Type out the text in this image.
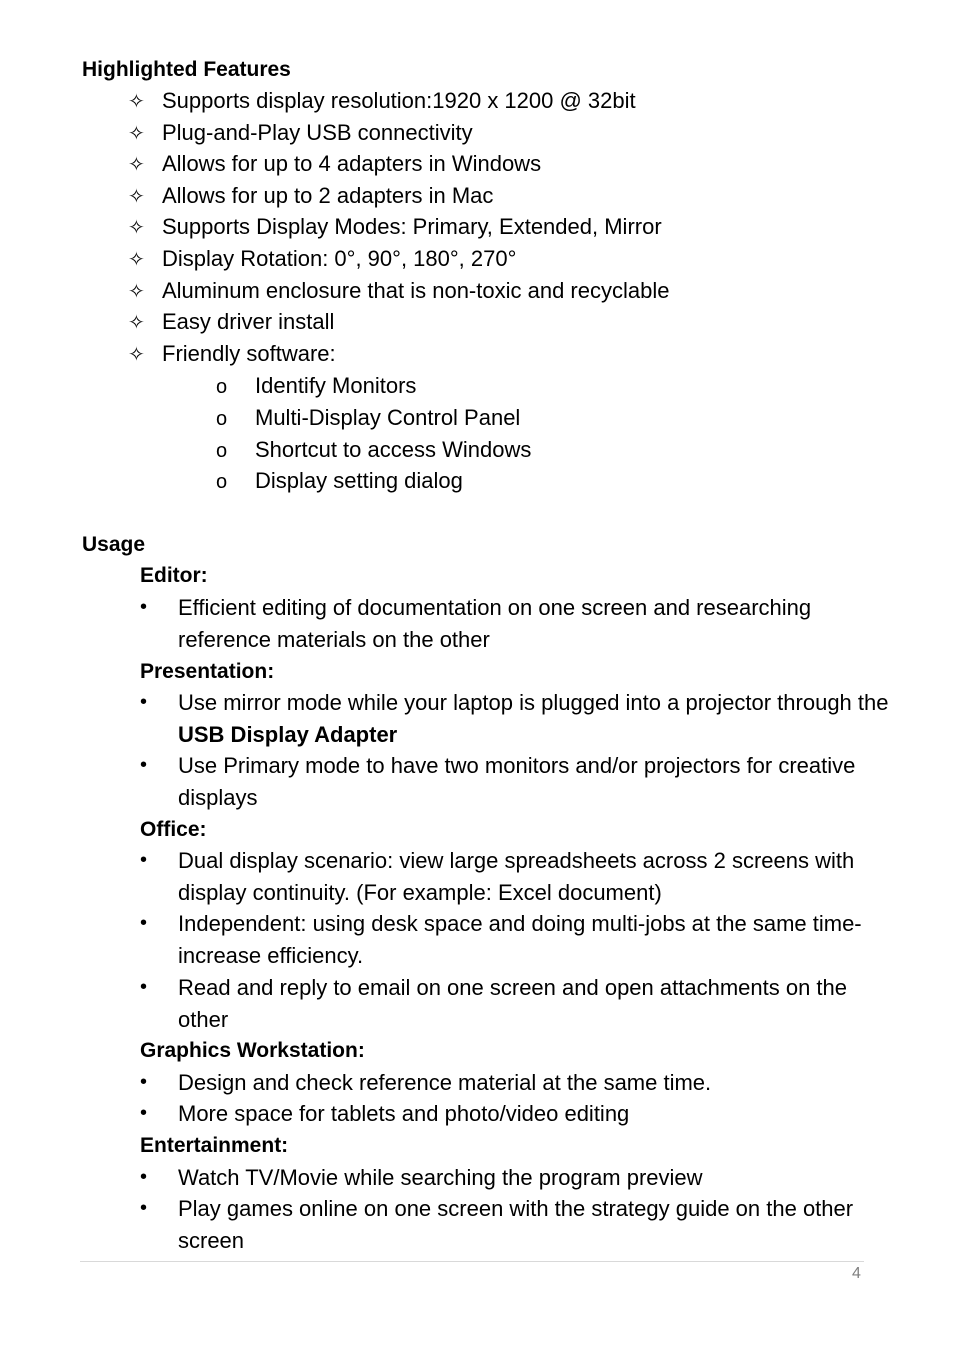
Highlighted Features
✧ Supports display resolution:1920 x 1200 @ 32bit
✧ Plug-and-Play USB connectivity
✧ Allows for up to 4 adapters in Windows
✧ Allows for up to 2 adapters in Mac
✧ Supports Display Modes: Primary, Extended, Mirror
✧ Display Rotation: 0°, 90°, 180°, 270°
✧ Aluminum enclosure that is non-toxic and recyclable
✧ Easy driver install
✧ Friendly software:
o Identify Monitors
o Multi-Display Control Panel
o Shortcut to access Windows
o Display setting dialog
Usage
Editor:
• Efficient editing of documentation on one screen and researching reference materials on the other
Presentation:
• Use mirror mode while your laptop is plugged into a projector through the USB Display Adapter
• Use Primary mode to have two monitors and/or projectors for creative displays
Office:
• Dual display scenario: view large spreadsheets across 2 screens with display continuity. (For example: Excel document)
• Independent: using desk space and doing multi-jobs at the same time- increase efficiency.
• Read and reply to email on one screen and open attachments on the other
Graphics Workstation:
• Design and check reference material at the same time.
• More space for tablets and photo/video editing
Entertainment:
• Watch TV/Movie while searching the program preview
• Play games online on one screen with the strategy guide on the other screen
4
